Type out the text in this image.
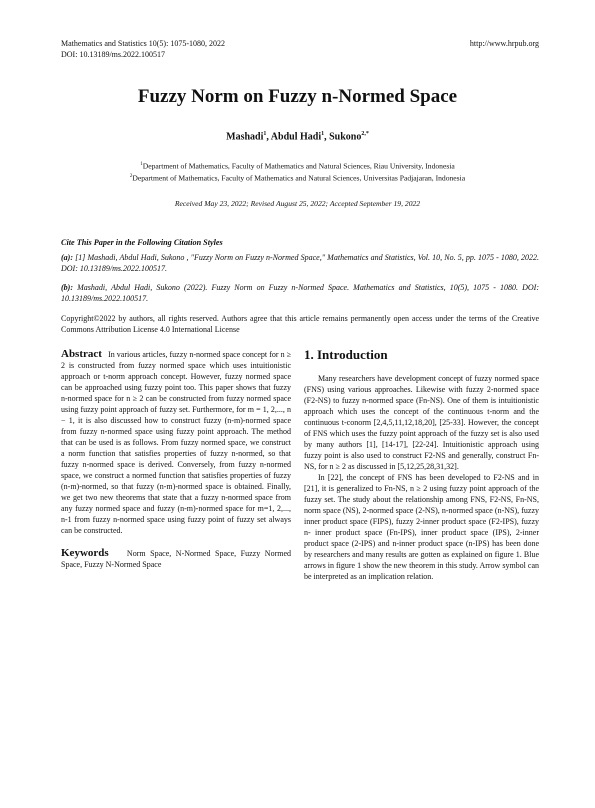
Mathematics and Statistics 10(5): 1075-1080, 2022
DOI: 10.13189/ms.2022.100517
http://www.hrpub.org
Fuzzy Norm on Fuzzy n-Normed Space
Mashadi$^1$, Abdul Hadi$^1$, Sukono$^{2,*}$
$^1$Department of Mathematics, Faculty of Mathematics and Natural Sciences, Riau University, Indonesia
$^2$Department of Mathematics, Faculty of Mathematics and Natural Sciences, Universitas Padjajaran, Indonesia
Received May 23, 2022; Revised August 25, 2022; Accepted September 19, 2022
Cite This Paper in the Following Citation Styles
(a): [1] Mashadi, Abdul Hadi, Sukono , "Fuzzy Norm on Fuzzy n-Normed Space," Mathematics and Statistics, Vol. 10, No. 5, pp. 1075 - 1080, 2022. DOI: 10.13189/ms.2022.100517.
(b): Mashadi, Abdul Hadi, Sukono (2022). Fuzzy Norm on Fuzzy n-Normed Space. Mathematics and Statistics, 10(5), 1075 - 1080. DOI: 10.13189/ms.2022.100517.
Copyright©2022 by authors, all rights reserved. Authors agree that this article remains permanently open access under the terms of the Creative Commons Attribution License 4.0 International License

Abstract In various articles, fuzzy n-normed space concept for n ≥ 2 is constructed from fuzzy normed space which uses intuitionistic approach or t-norm approach concept. However, fuzzy normed space can be approached using fuzzy point too. This paper shows that fuzzy n-normed space for n ≥ 2 can be constructed from fuzzy normed space using fuzzy point approach of fuzzy set. Furthermore, for m = 1, 2,..., n − 1, it is also discussed how to construct fuzzy (n-m)-normed space from fuzzy n-normed space using fuzzy point approach. The method that can be used is as follows. From fuzzy normed space, we construct a norm function that satisfies properties of fuzzy n-normed, so that fuzzy n-normed space is derived. Conversely, from fuzzy n-normed space, we construct a normed function that satisfies properties of fuzzy (n-m)-normed, so that fuzzy (n-m)-normed space is obtained. Finally, we get two new theorems that state that a fuzzy n-normed space from any fuzzy normed space and fuzzy (n-m)-normed space for m=1, 2,..., n-1 from fuzzy n-normed space using fuzzy point of fuzzy set always can be constructed.

Keywords Norm Space, N-Normed Space, Fuzzy Normed Space, Fuzzy N-Normed Space

1. Introduction

Many researchers have development concept of fuzzy normed space (FNS) using various approaches. Likewise with fuzzy 2-normed space (F2-NS) to fuzzy n-normed space (Fn-NS). One of them is intuitionistic approach which uses the concept of the continuous t-norm and the continuous t-conorm [2,4,5,11,12,18,20], [25-33]. However, the concept of FNS which uses the fuzzy point approach of the fuzzy set is also used by many authors [1], [14-17], [22-24]. Intuitionistic approach using fuzzy point is also used to construct F2-NS and generally, construct Fn-NS, for n ≥ 2 as discussed in [5,12,25,28,31,32].

In [22], the concept of FNS has been developed to F2-NS and in [21], it is generalized to Fn-NS, n ≥ 2 using fuzzy point approach of the fuzzy set. The study about the relationship among FNS, F2-NS, Fn-NS, norm space (NS), 2-normed space (2-NS), n-normed space (n-NS), fuzzy inner product space (FIPS), fuzzy 2-inner product space (F2-IPS), fuzzy n- inner product space (Fn-IPS), inner product space (IPS), 2-inner product space (2-IPS) and n-inner product space (n-IPS) has been done by researchers and many results are gotten as explained on figure 1. Blue arrows in figure 1 show the new theorem in this study. Arrow symbol can be interpreted as an implication relation.
